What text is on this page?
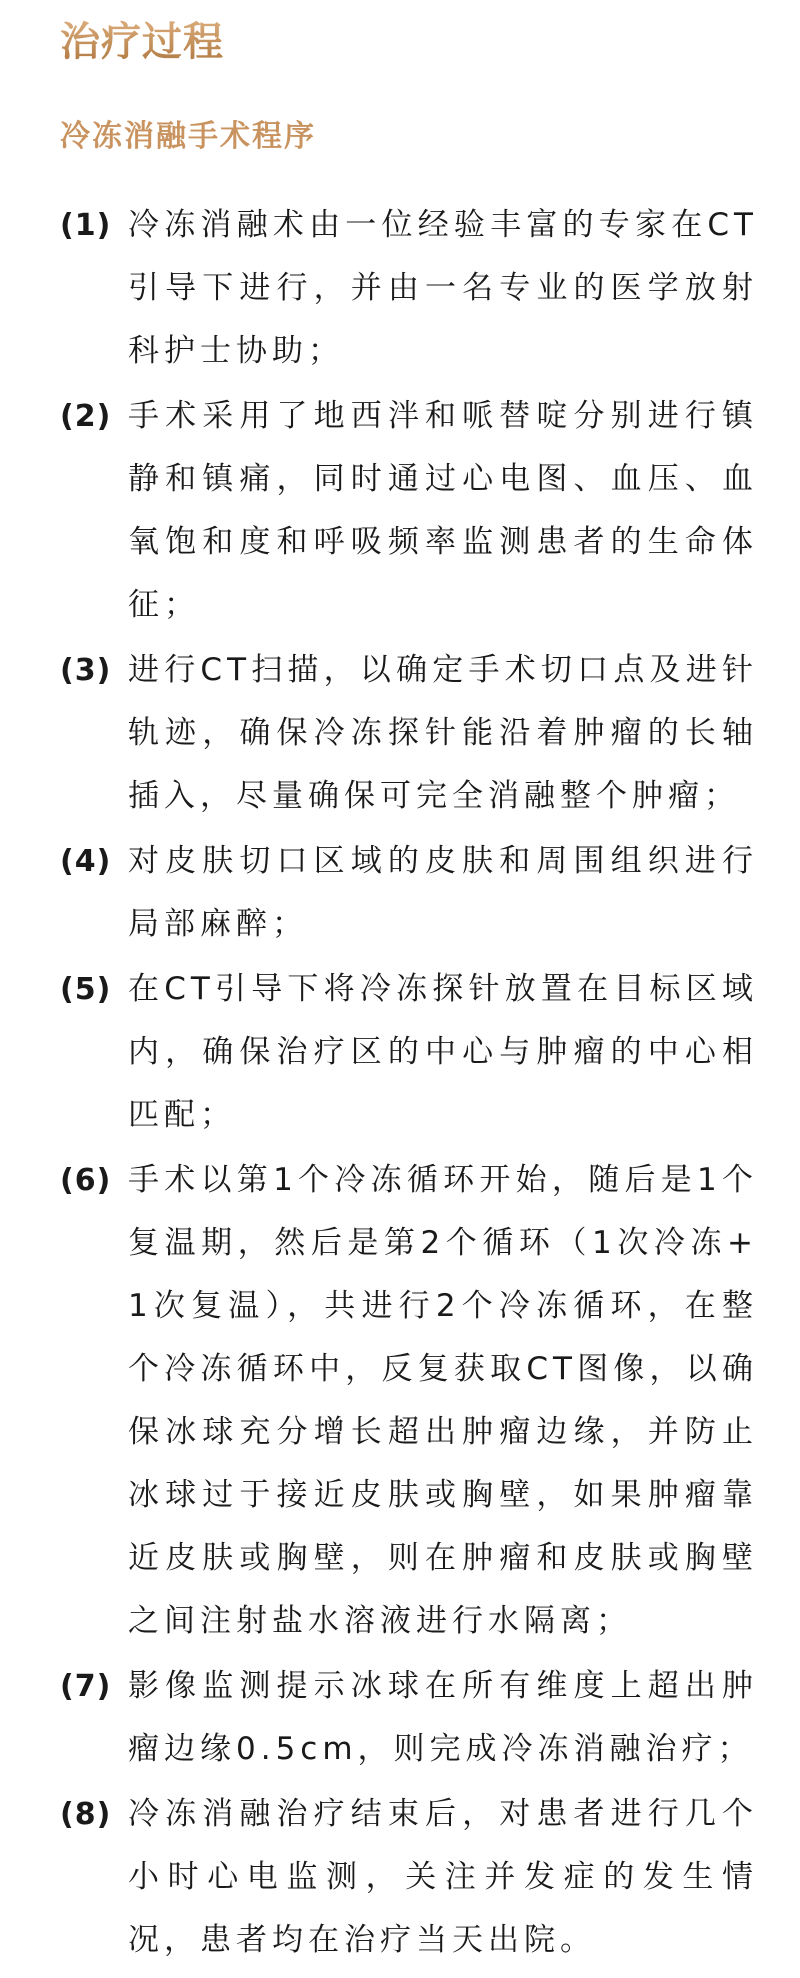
治疗过程
冷冻消融手术程序
(1) 冷冻消融术由一位经验丰富的专家在CT引导下进行，并由一名专业的医学放射科护士协助；
(2) 手术采用了地西泮和哌替啶分别进行镇静和镇痛，同时通过心电图、血压、血氧饱和度和呼吸频率监测患者的生命体征；
(3) 进行CT扫描，以确定手术切口点及进针轨迹，确保冷冻探针能沿着肿瘤的长轴插入，尽量确保可完全消融整个肿瘤；
(4) 对皮肤切口区域的皮肤和周围组织进行局部麻醉；
(5) 在CT引导下将冷冻探针放置在目标区域内，确保治疗区的中心与肿瘤的中心相匹配；
(6) 手术以第1个冷冻循环开始，随后是1个复温期，然后是第2个循环（1次冷冻+1次复温），共进行2个冷冻循环，在整个冷冻循环中，反复获取CT图像，以确保冰球充分增长超出肿瘤边缘，并防止冰球过于接近皮肤或胸壁，如果肿瘤靠近皮肤或胸壁，则在肿瘤和皮肤或胸壁之间注射盐水溶液进行水隔离；
(7) 影像监测提示冰球在所有维度上超出肿瘤边缘0.5cm，则完成冷冻消融治疗；
(8) 冷冻消融治疗结束后，对患者进行几个小时心电监测，关注并发症的发生情况，患者均在治疗当天出院。
